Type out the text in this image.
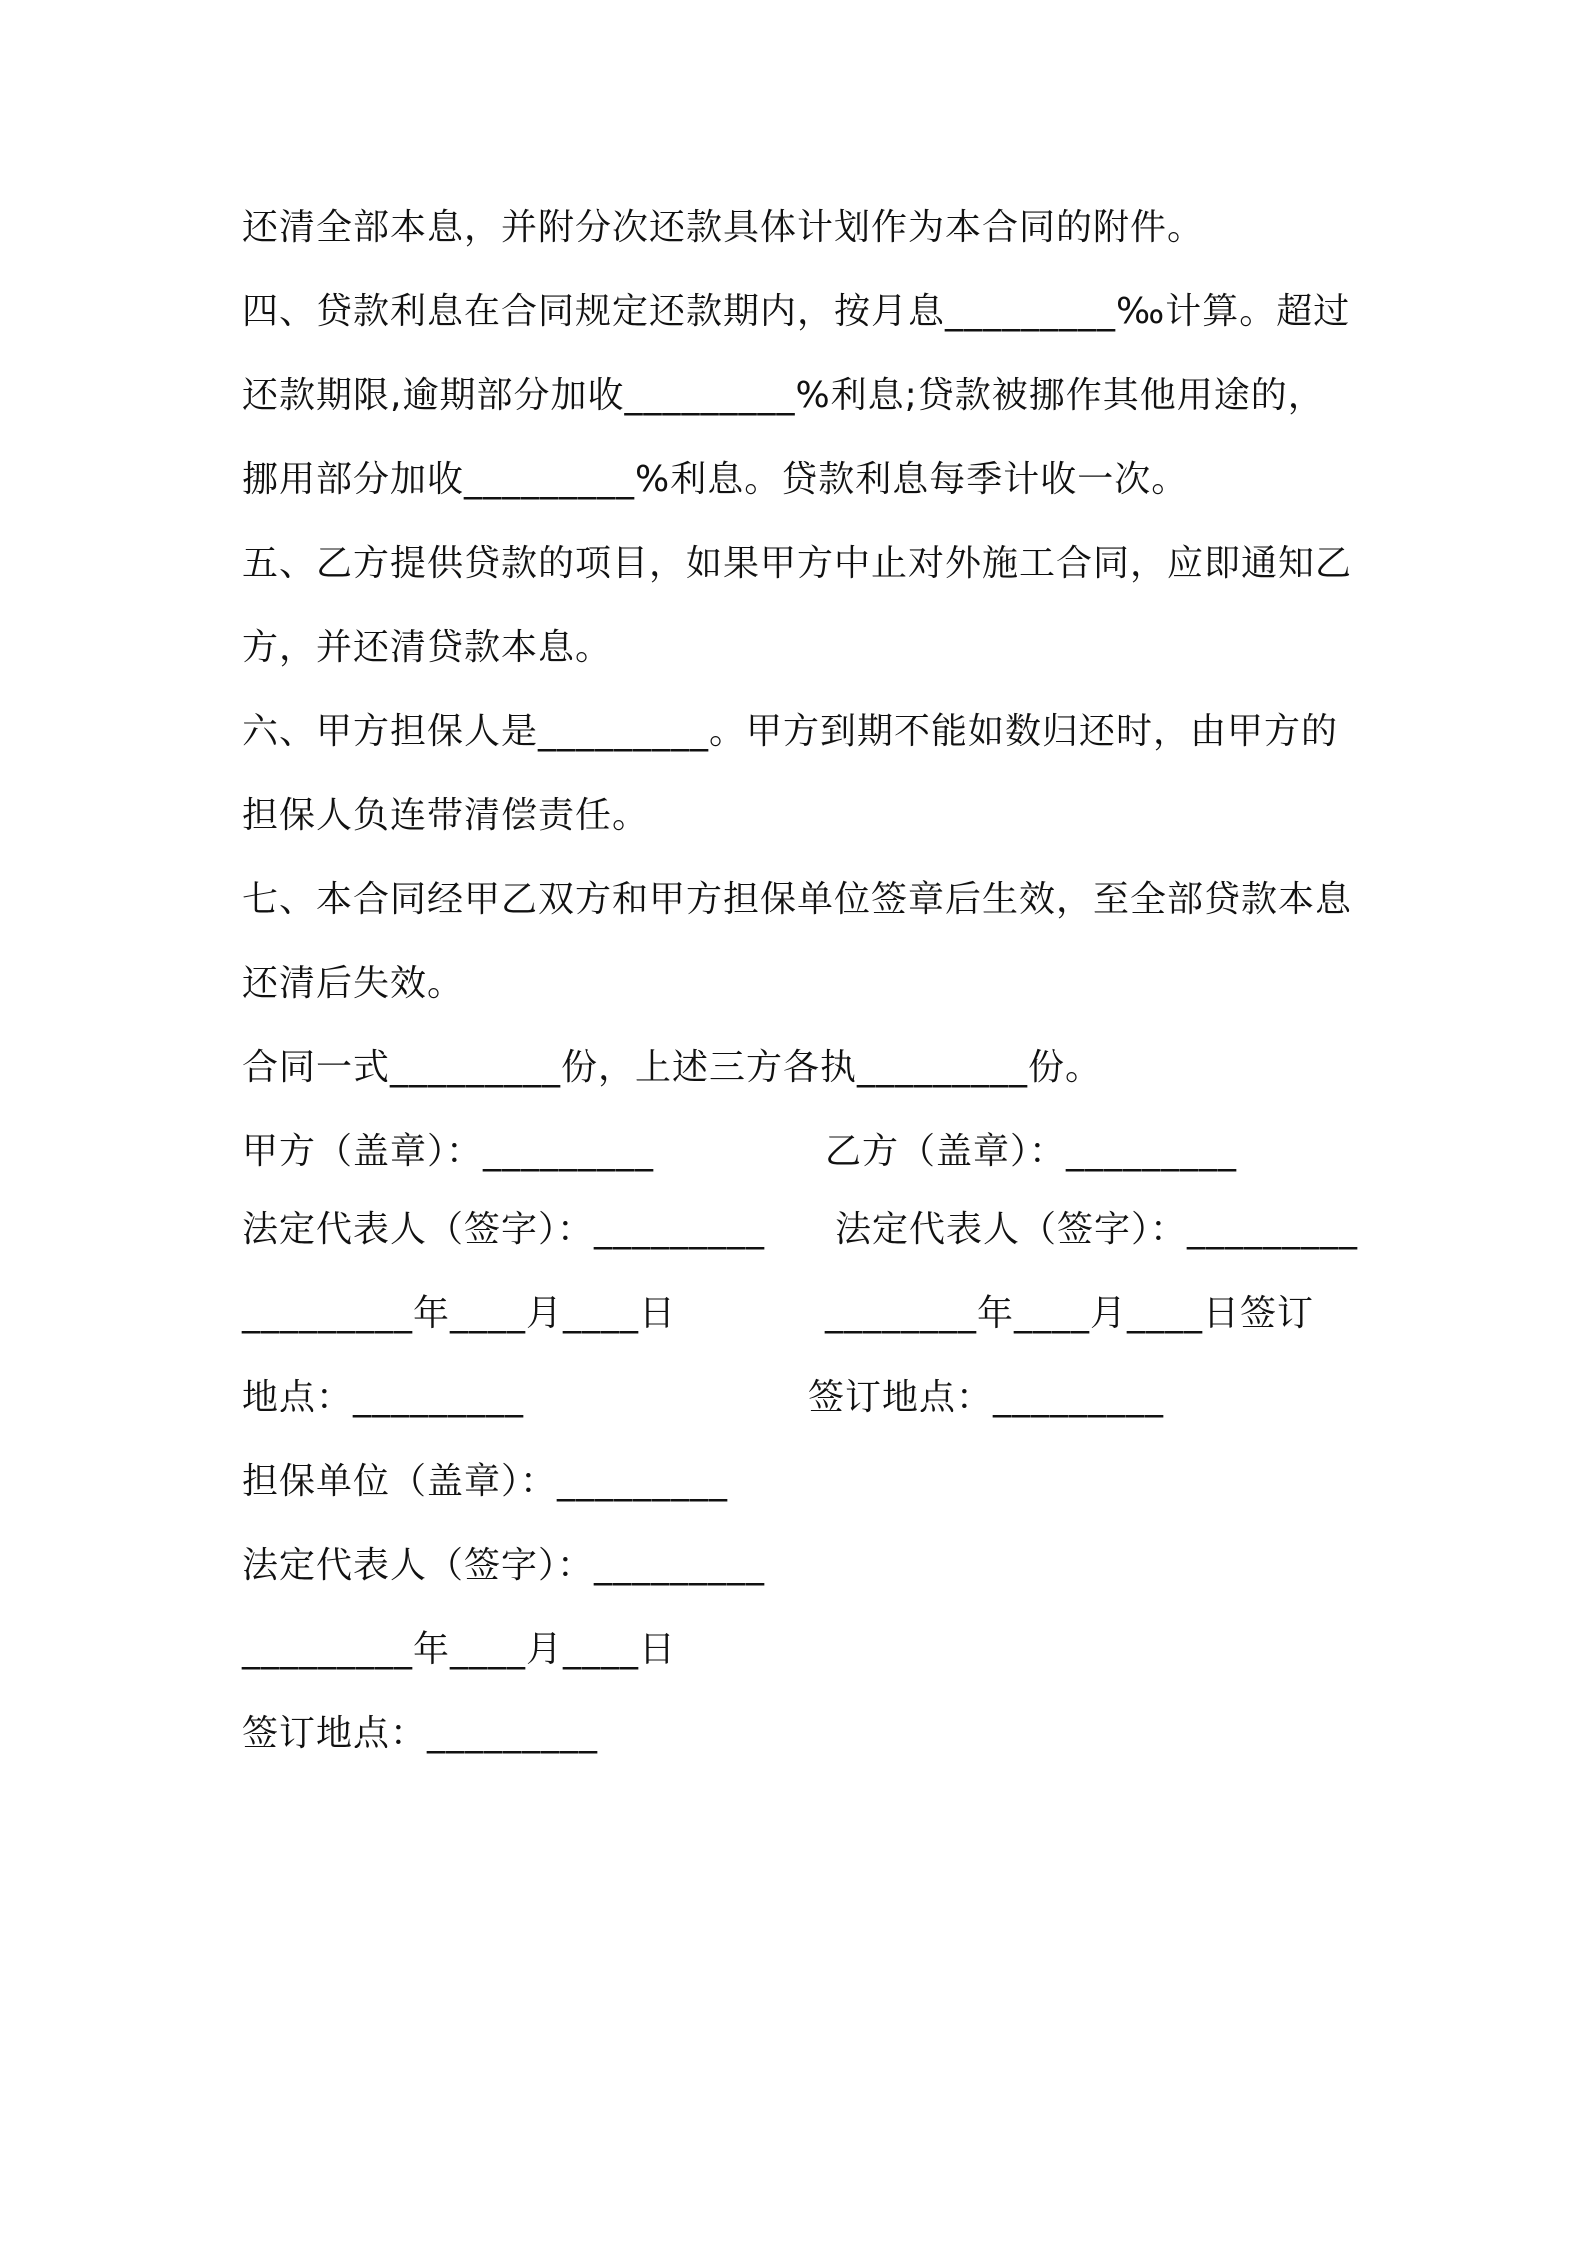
还清全部本息，并附分次还款具体计划作为本合同的附件。
四、贷款利息在合同规定还款期内，按月息_________‰计算。超过
还款期限,逾期部分加收_________%利息;贷款被挪作其他用途的，
挪用部分加收_________%利息。贷款利息每季计收一次。
五、乙方提供贷款的项目，如果甲方中止对外施工合同，应即通知乙
方，并还清贷款本息。
六、甲方担保人是_________。甲方到期不能如数归还时，由甲方的
担保人负连带清偿责任。
七、本合同经甲乙双方和甲方担保单位签章后生效，至全部贷款本息
还清后失效。
合同一式_________份，上述三方各执_________份。
甲方（盖章）：_________	乙方（盖章）：_________
法定代表人（签字）：_________ 法定代表人（签字）：_________
_________年____月____日	________年____月____日签订
地点：_________	签订地点：_________
担保单位（盖章）：_________
法定代表人（签字）：_________
_________年____月____日
签订地点：_________
